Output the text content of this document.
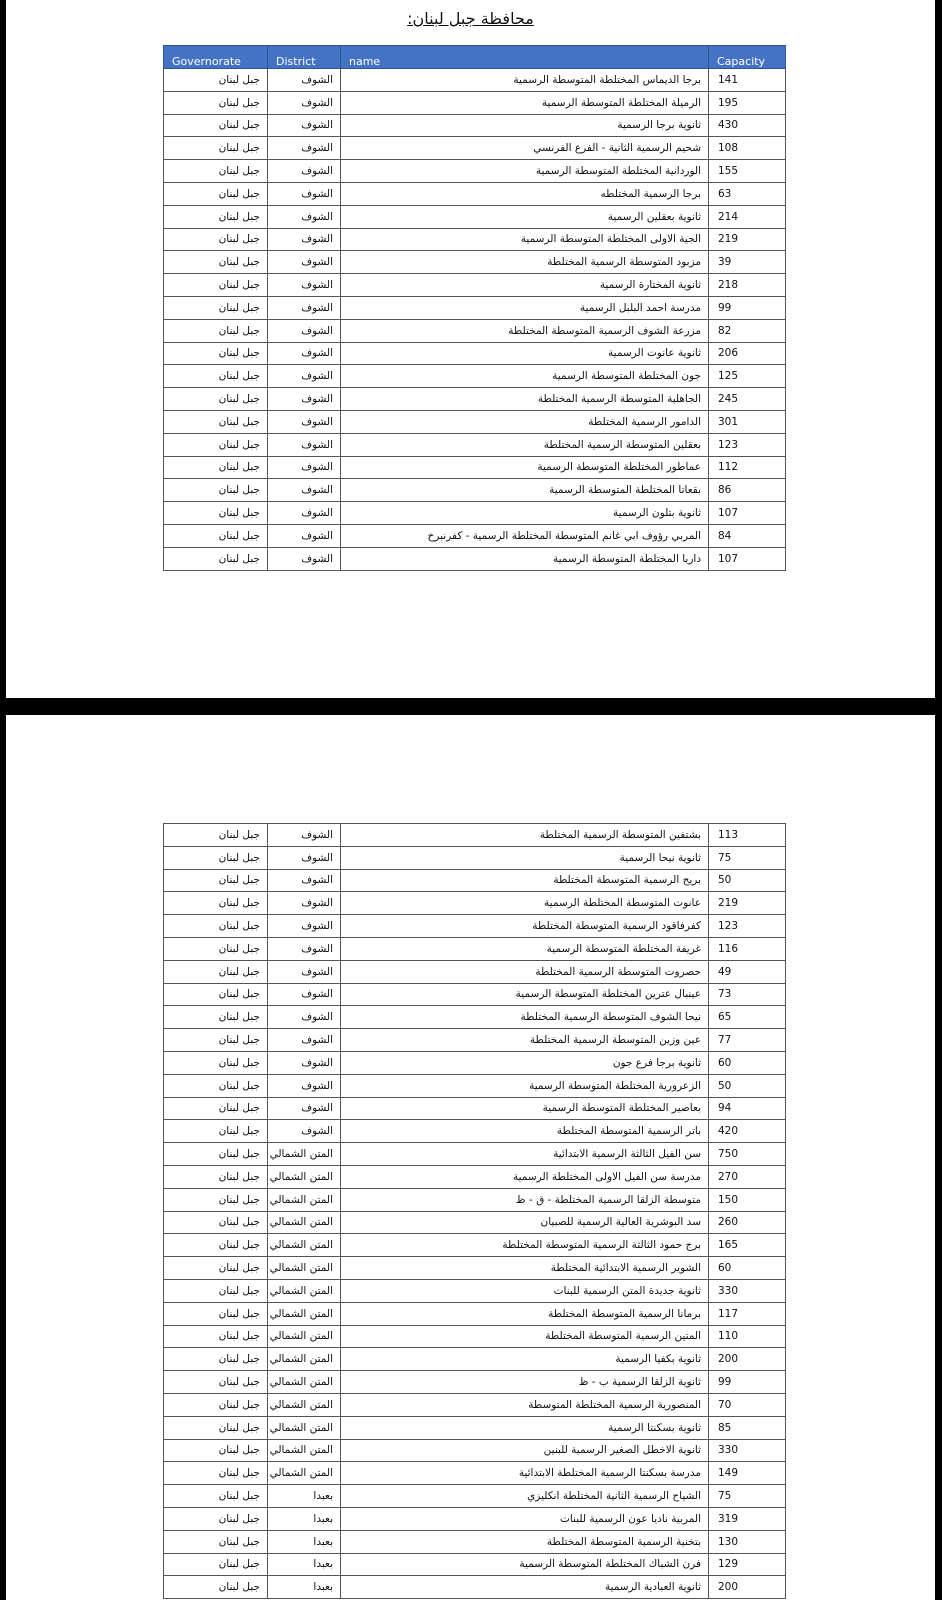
محافظة جبل لبنان:
Governorate	District	name	Capacity
جبل لبنان	الشوف	برجا الديماس المختلطة المتوسطة الرسمية	141
جبل لبنان	الشوف	الرميلة المختلطة المتوسطة الرسمية	195
جبل لبنان	الشوف	ثانوية برجا الرسمية	430
جبل لبنان	الشوف	شحيم الرسمية الثانية - الفرع الفرنسي	108
جبل لبنان	الشوف	الوردانية المختلطة المتوسطة الرسمية	155
جبل لبنان	الشوف	برجا الرسمية المختلطه	63
جبل لبنان	الشوف	ثانوية بعقلين الرسمية	214
جبل لبنان	الشوف	الجية الاولى المختلطة المتوسطة الرسمية	219
جبل لبنان	الشوف	مزبود المتوسطة الرسمية المختلطة	39
جبل لبنان	الشوف	ثانوية المختارة الرسمية	218
جبل لبنان	الشوف	مدرسة احمد البلبل الرسمية	99
جبل لبنان	الشوف	مزرعة الشوف الرسمية المتوسطة المختلطة	82
جبل لبنان	الشوف	ثانوية عانوت الرسمية	206
جبل لبنان	الشوف	جون المختلطة المتوسطة الرسمية	125
جبل لبنان	الشوف	الجاهلية المتوسطة الرسمية المختلطة	245
جبل لبنان	الشوف	الدامور الرسمية المختلطة	301
جبل لبنان	الشوف	بعقلين المتوسطة الرسمية المختلطة	123
جبل لبنان	الشوف	عماطور المختلطة المتوسطة الرسمية	112
جبل لبنان	الشوف	بقعاتا المختلطة المتوسطة الرسمية	86
جبل لبنان	الشوف	ثانوية بتلون الرسمية	107
جبل لبنان	الشوف	المربي رؤوف ابي غانم المتوسطة المختلطة الرسمية - كفرنبرخ	84
جبل لبنان	الشوف	داريا المختلطة المتوسطة الرسمية	107
جبل لبنان	الشوف	بشتفين المتوسطة الرسمية المختلطة	113
جبل لبنان	الشوف	ثانوية نيحا الرسمية	75
جبل لبنان	الشوف	بريح الرسمية المتوسطة المختلطة	50
جبل لبنان	الشوف	عانوت المتوسطة المختلطة الرسمية	219
جبل لبنان	الشوف	كفرفاقود الرسمية المتوسطة المختلطة	123
جبل لبنان	الشوف	غريفة المختلطة المتوسطة الرسمية	116
جبل لبنان	الشوف	حصروت المتوسطة الرسمية المختلطة	49
جبل لبنان	الشوف	عينبال عترين المختلطة المتوسطة الرسمية	73
جبل لبنان	الشوف	نيحا الشوف المتوسطة الرسمية المختلطة	65
جبل لبنان	الشوف	عين وزين المتوسطة الرسمية المختلطة	77
جبل لبنان	الشوف	ثانوية برجا فرع جون	60
جبل لبنان	الشوف	الزعرورية المختلطة المتوسطة الرسمية	50
جبل لبنان	الشوف	بعاصير المختلطة المتوسطة الرسمية	94
جبل لبنان	الشوف	باتر الرسمية المتوسطة المختلطة	420
جبل لبنان	المتن الشمالي	سن الفيل الثالثة الرسمية الابتدائية	750
جبل لبنان	المتن الشمالي	مدرسة سن الفيل الاولى المختلطة الرسمية	270
جبل لبنان	المتن الشمالي	متوسطة الزلقا الرسمية المختلطة - ق - ظ	150
جبل لبنان	المتن الشمالي	سد البوشرية العالية الرسمية للصبيان	260
جبل لبنان	المتن الشمالي	برج حمود الثالثة الرسمية المتوسطة المختلطة	165
جبل لبنان	المتن الشمالي	الشوير الرسمية الابتدائية المختلطة	60
جبل لبنان	المتن الشمالي	ثانوية جديدة المتن الرسمية للبنات	330
جبل لبنان	المتن الشمالي	برمانا الرسمية المتوسطة المختلطة	117
جبل لبنان	المتن الشمالي	المتين الرسمية المتوسطة المختلطة	110
جبل لبنان	المتن الشمالي	ثانوية بكفيا الرسمية	200
جبل لبنان	المتن الشمالي	ثانوية الزلقا الرسمية ب - ظ	99
جبل لبنان	المتن الشمالي	المنصورية الرسمية المختلطة المتوسطة	70
جبل لبنان	المتن الشمالي	ثانوية بسكنتا الرسمية	85
جبل لبنان	المتن الشمالي	ثانوية الاخطل الصغير الرسمية للبنين	330
جبل لبنان	المتن الشمالي	مدرسة بسكنتا الرسمية المختلطة الابتدائية	149
جبل لبنان	بعبدا	الشياح الرسمية الثانية المختلطة انكليزي	75
جبل لبنان	بعبدا	المربية ناديا عون الرسمية للبنات	319
جبل لبنان	بعبدا	بتخنية الرسمية المتوسطة المختلطة	130
جبل لبنان	بعبدا	فرن الشباك المختلطة المتوسطة الرسمية	129
جبل لبنان	بعبدا	ثانوية العبادية الرسمية	200
